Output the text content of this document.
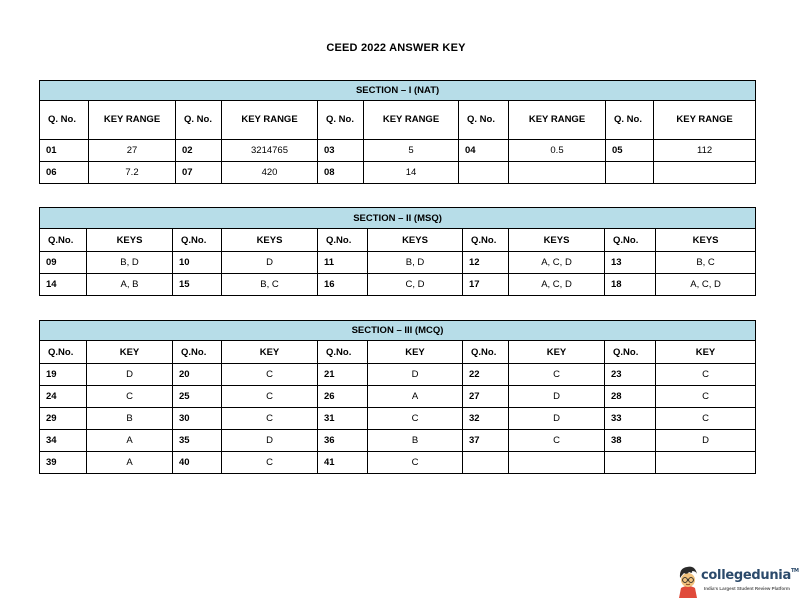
CEED 2022 ANSWER KEY
SECTION – I (NAT)									
Q. No.	KEY RANGE	Q. No.	KEY RANGE	Q. No.	KEY RANGE	Q. No.	KEY RANGE	Q. No.	KEY RANGE
01	27	02	3214765	03	5	04	0.5	05	112
06	7.2	07	420	08	14				
SECTION – II (MSQ)									
Q.No.	KEYS	Q.No.	KEYS	Q.No.	KEYS	Q.No.	KEYS	Q.No.	KEYS
09	B, D	10	D	11	B, D	12	A, C, D	13	B, C
14	A, B	15	B, C	16	C, D	17	A, C, D	18	A, C, D
SECTION – III (MCQ)									
Q.No.	KEY	Q.No.	KEY	Q.No.	KEY	Q.No.	KEY	Q.No.	KEY
19	D	20	C	21	D	22	C	23	C
24	C	25	C	26	A	27	D	28	C
29	B	30	C	31	C	32	D	33	C
34	A	35	D	36	B	37	C	38	D
39	A	40	C	41	C				
collegedunia™
India's Largest Student Review Platform
